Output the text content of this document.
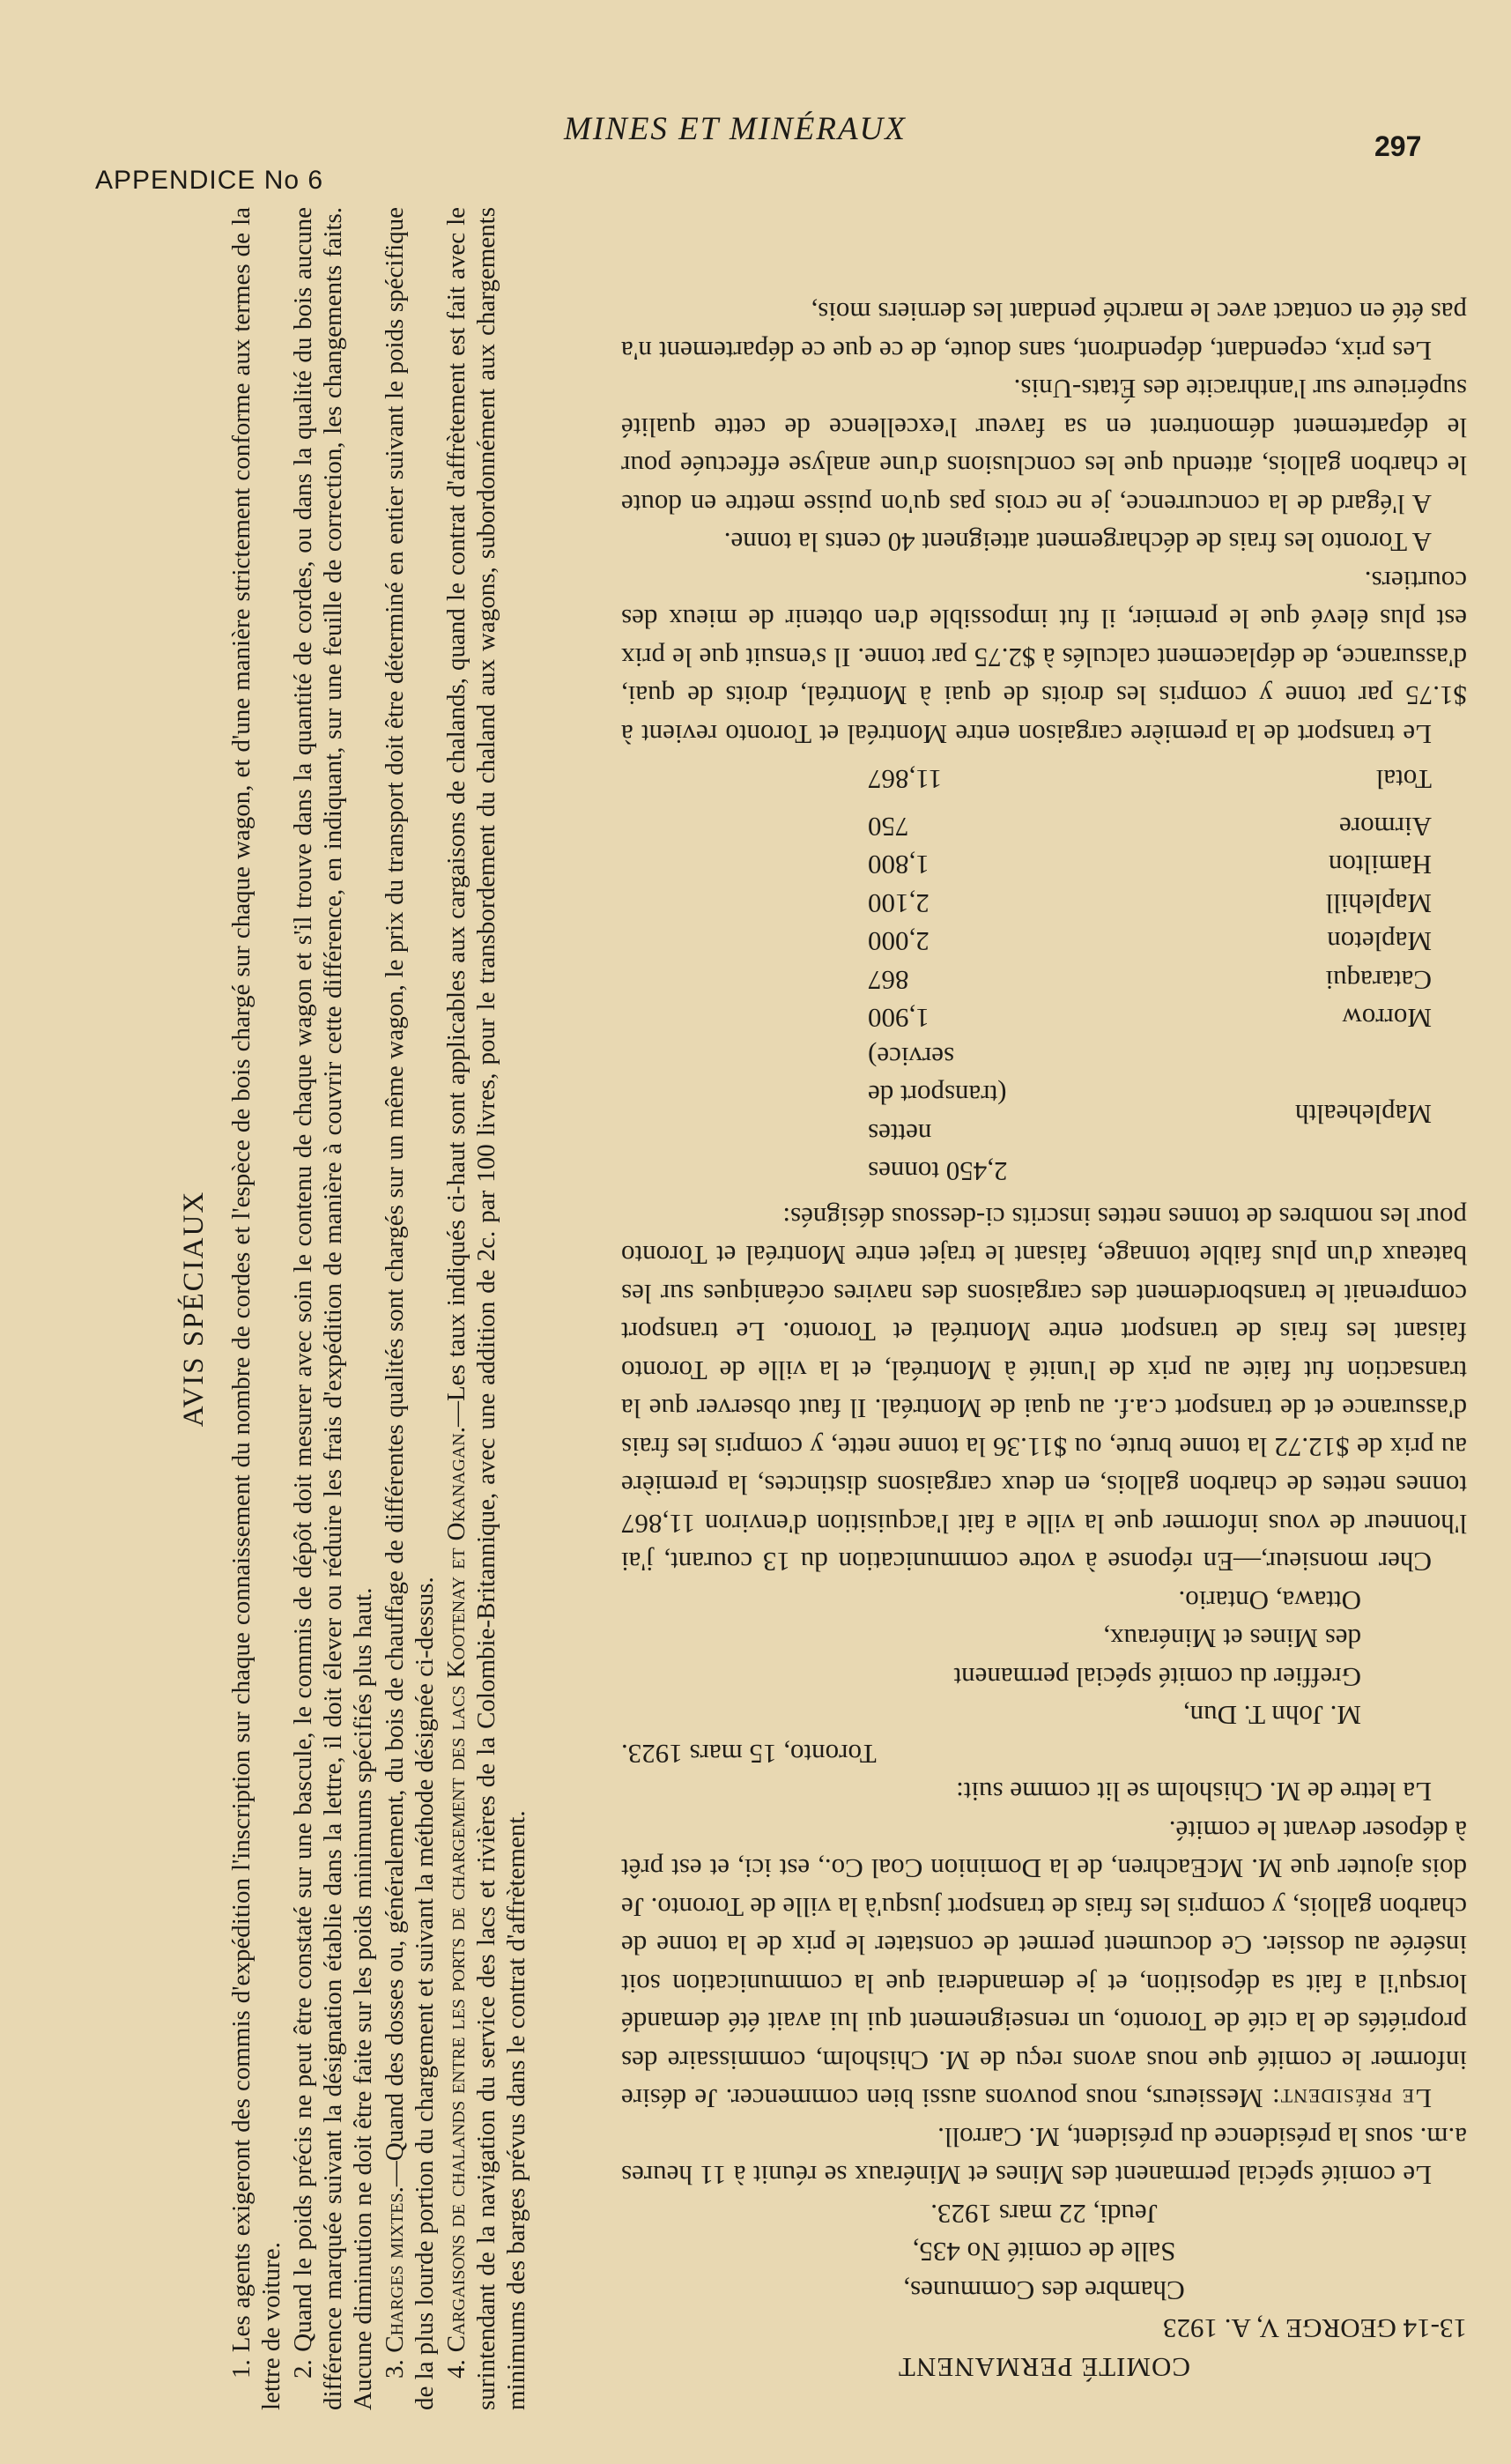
APPENDICE No 6
MINES ET MINÉRAUX	297
AVIS SPÉCIAUX 1. Les agents exigeront des commis d'expédition l'inscription sur chaque connaissement du nombre de cordes et l'espèce de bois chargé sur chaque wagon, et d'une manière strictement conforme aux termes de la lettre de voiture. 2. Quand le poids précis ne peut être constaté sur une bascule, le commis de dépôt doit mesurer avec soin le contenu de chaque wagon et s'il trouve dans la quantité de cordes, ou dans la qualité du bois aucune différence marquée suivant la désignation établie dans la lettre, il doit élever ou réduire les frais d'expédition de manière à couvrir cette différence, en indiquant, sur une feuille de correction, les changements faits. Aucune diminution ne doit être faite sur les poids minimums spécifiés plus haut. 3. Charges mixtes.—Quand des dosses ou, généralement, du bois de chauffage de différentes qualités sont chargés sur un même wagon, le prix du transport doit être déterminé en entier suivant le poids spécifique de la plus lourde portion du chargement et suivant la méthode désignée ci-dessus. 4. Cargaisons de chalands entre les ports de chargement des lacs Kootenay et Okanagan.—Les taux indiqués ci-haut sont applicables aux cargaisons de chalands, quand le contrat d'affrètement est fait avec le surintendant de la navigation du service des lacs et rivières de la Colombie-Britannique, avec une addition de 2c. par 100 livres, pour le transbordement du chaland aux wagons, subordonnément aux chargements minimums des barges prévus dans le contrat d'affrètement.	COMITÉ PERMANENT

13-14 GEORGE V, A. 1923

Chambre des Communes,

Salle de comité No 435,

Jeudi, 22 mars 1923.

Le comité spécial permanent des Mines et Minéraux se réunit à 11 heures a.m. sous la présidence du président, M. Carroll.

Le président: Messieurs, nous pouvons aussi bien commencer. Je désire informer le comité que nous avons reçu de M. Chisholm, commissaire des propriétés de la cité de Toronto, un renseignement qui lui avait été demandé lorsqu'il a fait sa déposition, et je demanderai que la communication soit insérée au dossier. Ce document permet de constater le prix de la tonne de charbon gallois, y compris les frais de transport jusqu'à la ville de Toronto. Je dois ajouter que M. McEachren, de la Dominion Coal Co., est ici, et est prêt à déposer devant le comité.

La lettre de M. Chisholm se lit comme suit:

Toronto, 15 mars 1923.

M. John T. Dun,

Greffier du comité spécial permanent

des Mines et Minéraux,

Ottawa, Ontario.

Cher monsieur,—En réponse à votre communication du 13 courant, j'ai l'honneur de vous informer que la ville a fait l'acquisition d'environ 11,867 tonnes nettes de charbon gallois, en deux cargaisons distinctes, la première au prix de $12.72 la tonne brute, ou $11.36 la tonne nette, y compris les frais d'assurance et de transport c.a.f. au quai de Montréal. Il faut observer que la transaction fut faite au prix de l'unité à Montréal, et la ville de Toronto faisant les frais de transport entre Montréal et Toronto. Le transport comprenait le transbordement des cargaisons des navires océaniques sur les bateaux d'un plus faible tonnage, faisant le trajet entre Montréal et Toronto pour les nombres de tonnes nettes inscrits ci-dessous désignés:

Maplehealth	2,450 tonnes nettes (transport de service)
Morrow	1,900
Cataraqui	867
Mapleton	2,000
Maplehill	2,100
Hamilton	1,800
Airmore	750
Total	11,867

Le transport de la première cargaison entre Montréal et Toronto revient à $1.75 par tonne y compris les droits de quai à Montréal, droits de quai, d'assurance, de déplacement calculés à $2.75 par tonne. Il s'ensuit que le prix est plus élevé que le premier, il fut impossible d'en obtenir de mieux des courtiers.

A Toronto les frais de déchargement atteignent 40 cents la tonne.

A l'égard de la concurrence, je ne crois pas qu'on puisse mettre en doute le charbon gallois, attendu que les conclusions d'une analyse effectuée pour le département démontrent en sa faveur l'excellence de cette qualité supérieure sur l'anthracite des États-Unis.

Les prix, cependant, dépendront, sans doute, de ce que ce département n'a pas été en contact avec le marché pendant les derniers mois,
